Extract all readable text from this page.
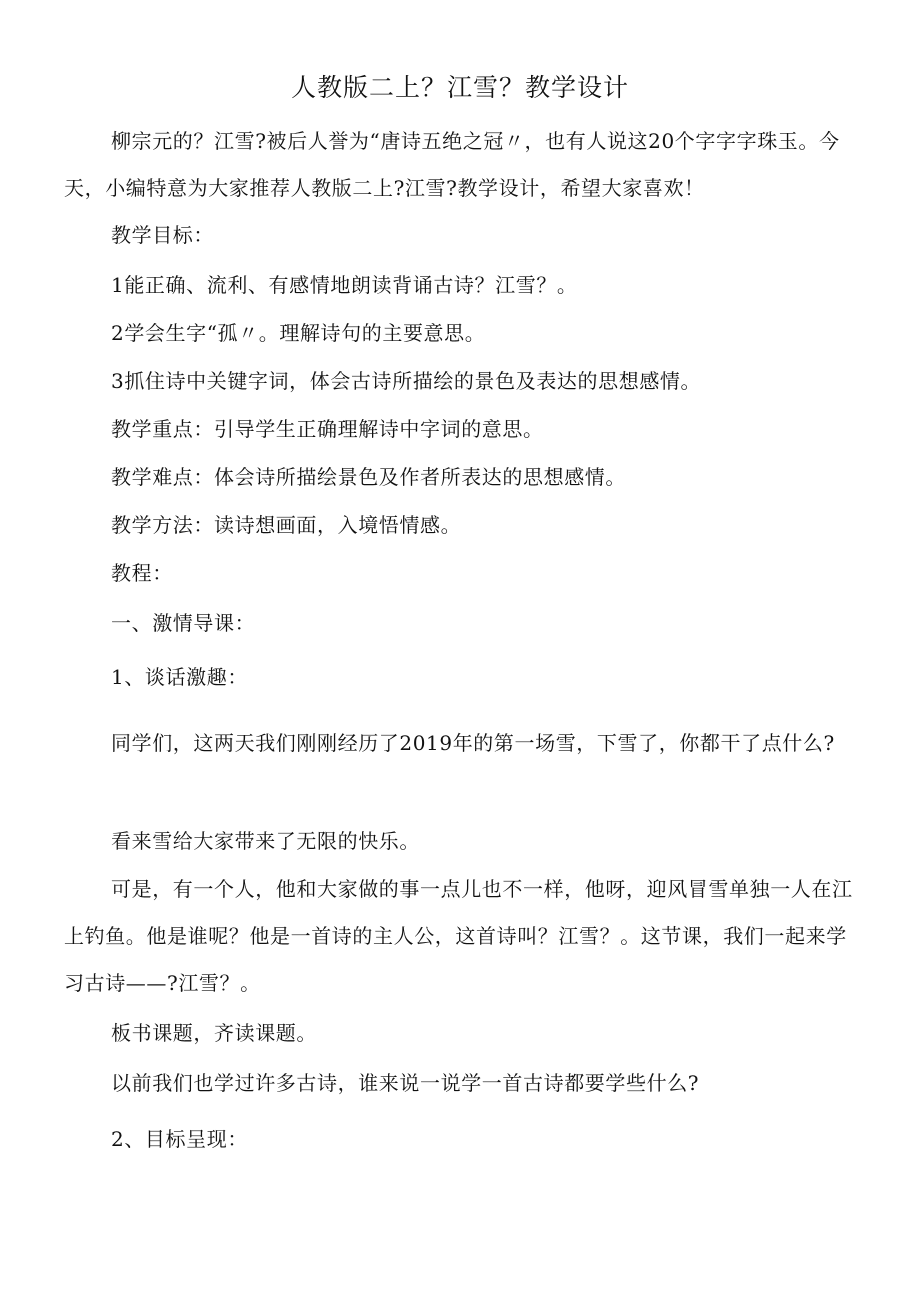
人教版二上？江雪？教学设计

柳宗元的？江雪?被后人誉为“唐诗五绝之冠〃，也有人说这20个字字字珠玉。今天，小编特意为大家推荐人教版二上?江雪?教学设计，希望大家喜欢！

教学目标：

1能正确、流利、有感情地朗读背诵古诗？江雪？。

2学会生字“孤〃。理解诗句的主要意思。

3抓住诗中关键字词，体会古诗所描绘的景色及表达的思想感情。

教学重点：引导学生正确理解诗中字词的意思。

教学难点：体会诗所描绘景色及作者所表达的思想感情。

教学方法：读诗想画面，入境悟情感。

教程：

一、激情导课：

1、谈话激趣：

同学们，这两天我们刚刚经历了2019年的第一场雪，下雪了，你都干了点什么?

看来雪给大家带来了无限的快乐。

可是，有一个人，他和大家做的事一点儿也不一样，他呀，迎风冒雪单独一人在江上钓鱼。他是谁呢？他是一首诗的主人公，这首诗叫？江雪？。这节课，我们一起来学习古诗——?江雪？。

板书课题，齐读课题。

以前我们也学过许多古诗，谁来说一说学一首古诗都要学些什么?

2、目标呈现：
